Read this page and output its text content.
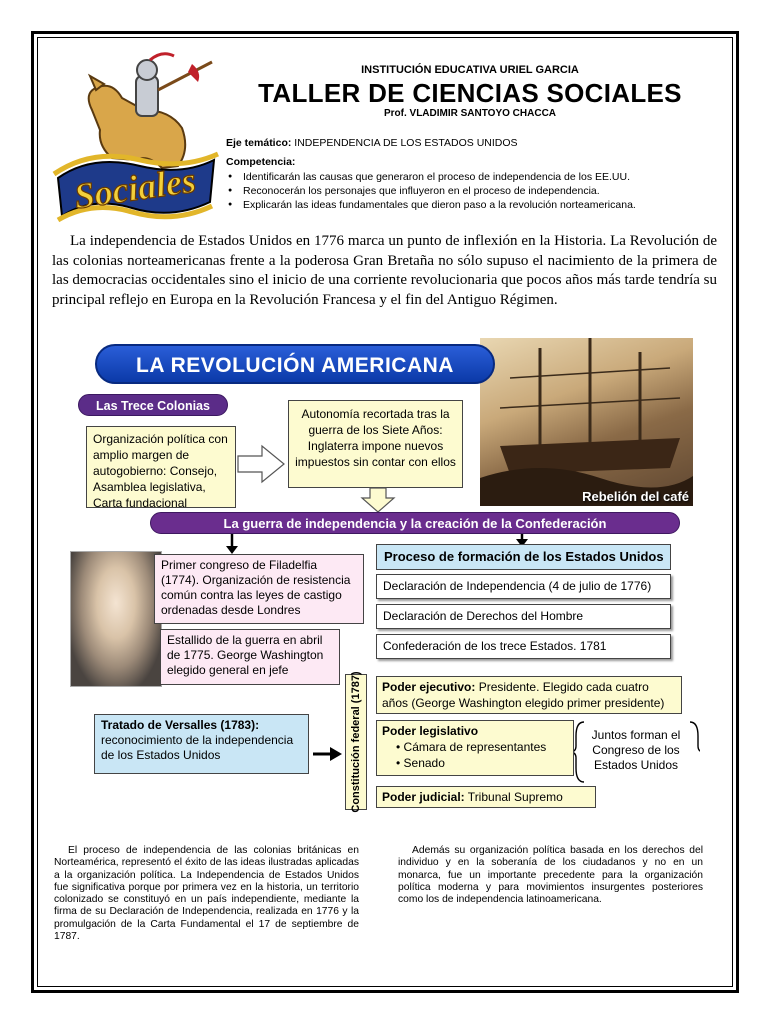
Sociales
INSTITUCIÓN EDUCATIVA URIEL GARCIA
TALLER DE CIENCIAS SOCIALES
Prof. VLADIMIR SANTOYO CHACCA
Eje temático: INDEPENDENCIA DE LOS ESTADOS UNIDOS
Competencia:
● Identificarán las causas que generaron el proceso de independencia de los EE.UU.
● Reconocerán los personajes que influyeron en el proceso de independencia.
● Explicarán las ideas fundamentales que dieron paso a la revolución norteamericana.

La independencia de Estados Unidos en 1776 marca un punto de inflexión en la Historia. La Revolución de las colonias norteamericanas frente a la poderosa Gran Bretaña no sólo supuso el nacimiento de la primera de las democracias occidentales sino el inicio de una corriente revolucionaria que pocos años más tarde tendría su principal reflejo en Europa en la Revolución Francesa y el fin del Antiguo Régimen.

Rebelión del café
LA REVOLUCIÓN AMERICANA
Las Trece Colonias
Organización política con amplio margen de autogobierno: Consejo, Asamblea legislativa, Carta fundacional
Autonomía recortada tras la guerra de los Siete Años: Inglaterra impone nuevos impuestos sin contar con ellos
La guerra de independencia y la creación de la Confederación
Primer congreso de Filadelfia (1774). Organización de resistencia común contra las leyes de castigo ordenadas desde Londres
Estallido de la guerra en abril de 1775. George Washington elegido general en jefe
Proceso de formación de los Estados Unidos
Declaración de Independencia (4 de julio de 1776)
Declaración de Derechos del Hombre
Confederación de los trece Estados. 1781
Constitución federal (1787)	Poder ejecutivo: Presidente. Elegido cada cuatro años (George Washington elegido primer presidente)
Poder legislativo
• Cámara de representantes
• Senado
Poder judicial: Tribunal Supremo
Tratado de Versalles (1783):
reconocimiento de la independencia de los Estados Unidos
Juntos forman el Congreso de los Estados Unidos

El proceso de independencia de las colonias británicas en Norteamérica, representó el éxito de las ideas ilustradas aplicadas a la organización política. La Independencia de Estados Unidos fue significativa porque por primera vez en la historia, un territorio colonizado se constituyó en un país independiente, mediante la firma de su Declaración de Independencia, realizada en 1776 y la promulgación de la Carta Fundamental el 17 de septiembre de 1787.

Además su organización política basada en los derechos del individuo y en la soberanía de los ciudadanos y no en un monarca, fue un importante precedente para la organización política moderna y para movimientos insurgentes posteriores como los de independencia latinoamericana.
